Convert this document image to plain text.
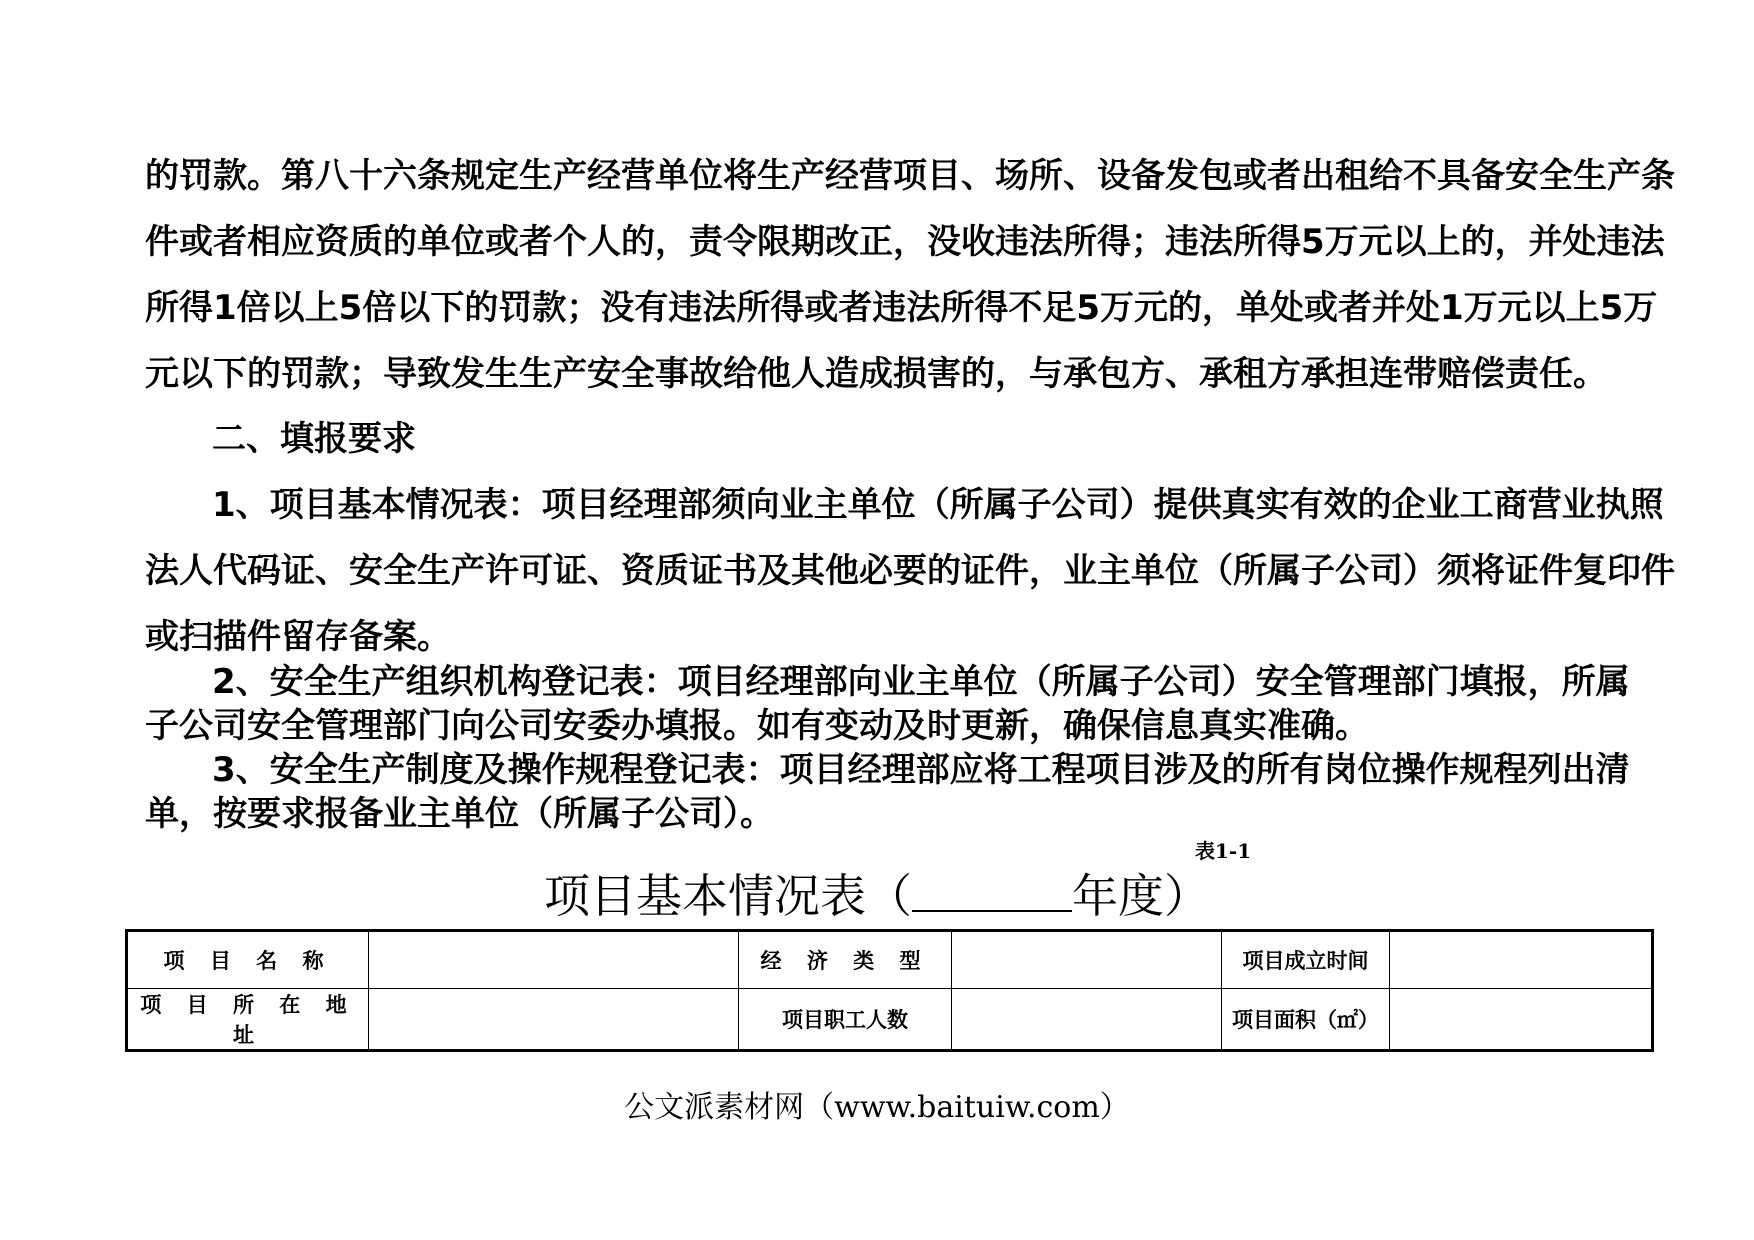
的罚款。第八十六条规定生产经营单位将生产经营项目、场所、设备发包或者出租给不具备安全生产条
件或者相应资质的单位或者个人的，责令限期改正，没收违法所得；违法所得5万元以上的，并处违法
所得1倍以上5倍以下的罚款；没有违法所得或者违法所得不足5万元的，单处或者并处1万元以上5万
元以下的罚款；导致发生生产安全事故给他人造成损害的，与承包方、承租方承担连带赔偿责任。
二、填报要求
1、项目基本情况表：项目经理部须向业主单位（所属子公司）提供真实有效的企业工商营业执照
法人代码证、安全生产许可证、资质证书及其他必要的证件，业主单位（所属子公司）须将证件复印件
或扫描件留存备案。
2、安全生产组织机构登记表：项目经理部向业主单位（所属子公司）安全管理部门填报，所属
子公司安全管理部门向公司安委办填报。如有变动及时更新，确保信息真实准确。
3、安全生产制度及操作规程登记表：项目经理部应将工程项目涉及的所有岗位操作规程列出清
单，按要求报备业主单位（所属子公司）。
表1-1
项目基本情况表（	年度）
项 目 名 称		经 济 类 型		项目成立时间	
项 目 所 在 地 址		项目职工人数		项目面积（㎡）	
公文派素材网（www.baituiw.com）
